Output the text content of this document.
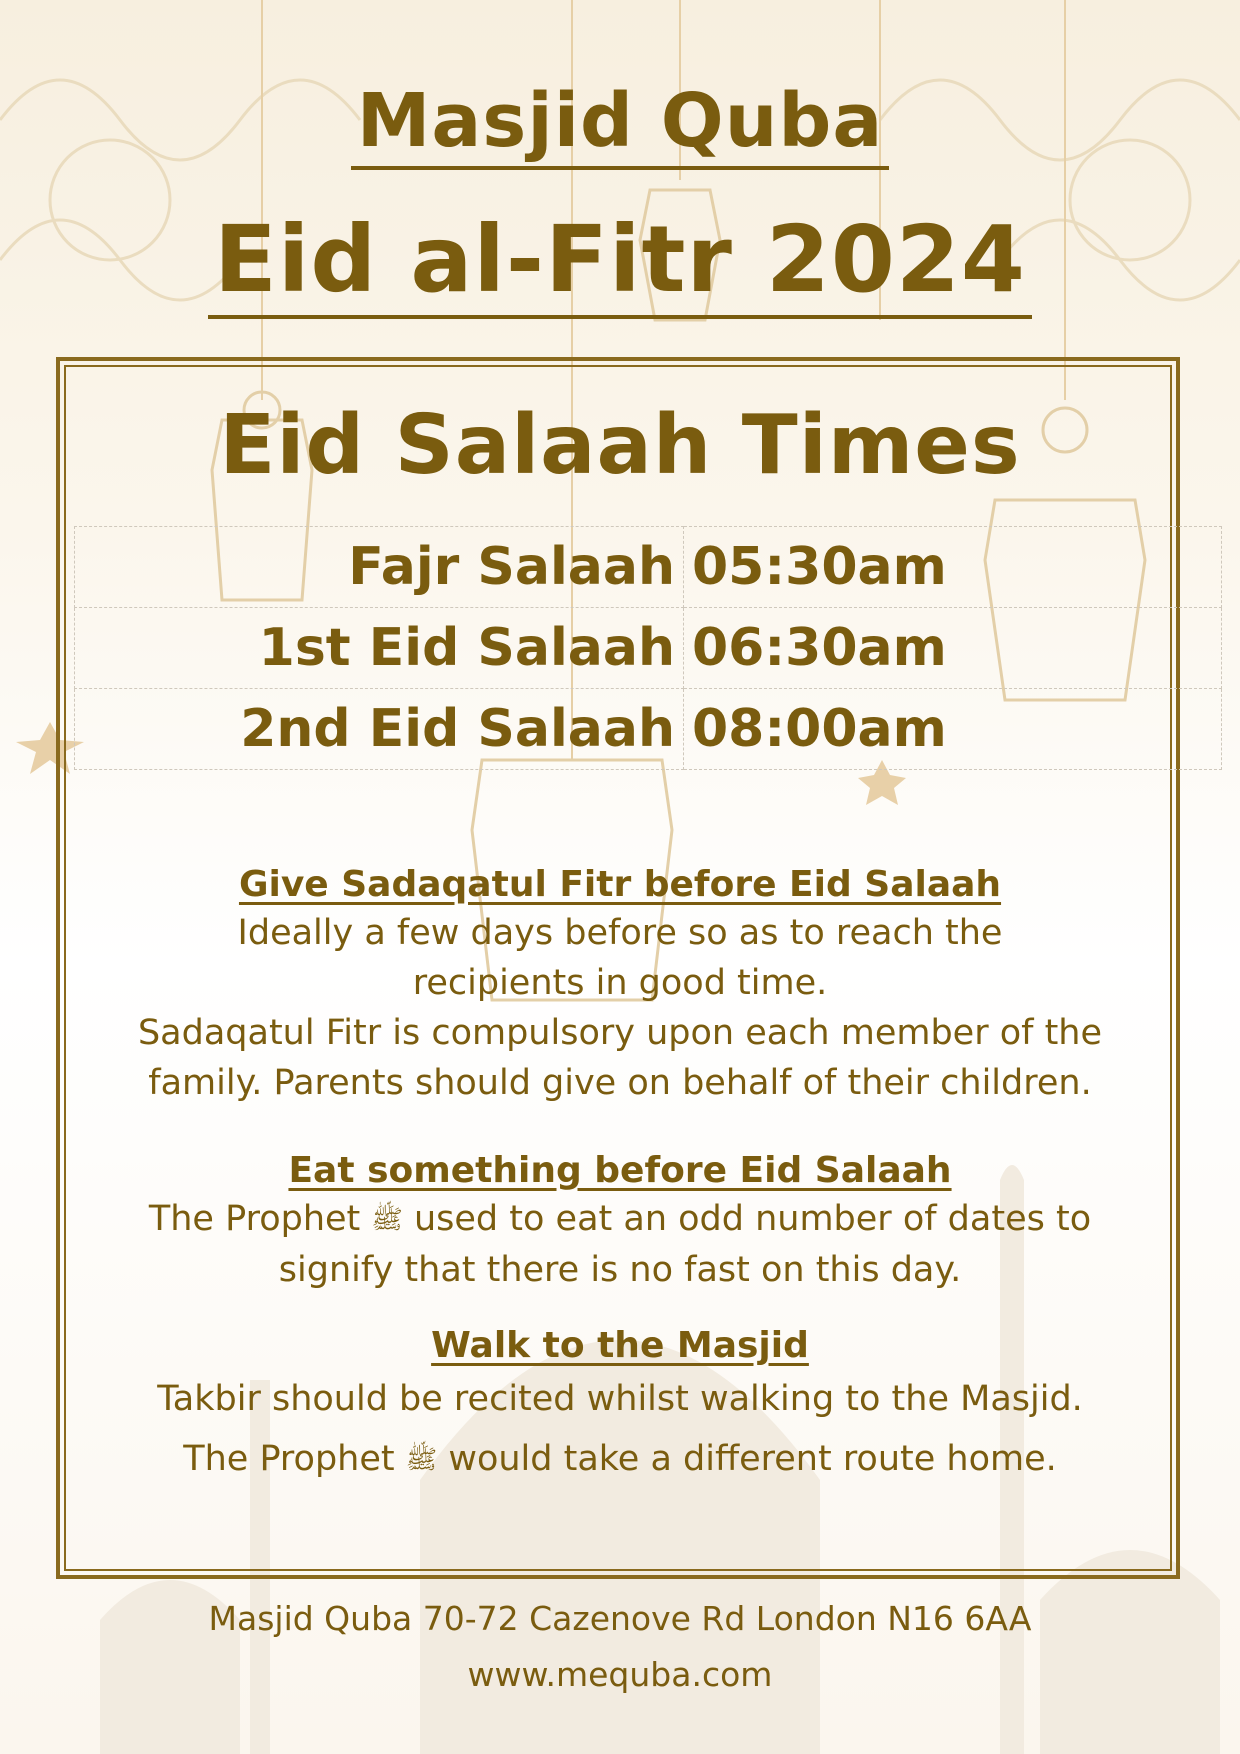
Masjid Quba
Eid al-Fitr 2024
Eid Salaah Times
Fajr Salaah	05:30am
1st Eid Salaah	06:30am
2nd Eid Salaah	08:00am
Give Sadaqatul Fitr before Eid Salaah

Ideally a few days before so as to reach the

recipients in good time.

Sadaqatul Fitr is compulsory upon each member of the

family. Parents should give on behalf of their children.

Eat something before Eid Salaah

The Prophet ﷺ used to eat an odd number of dates to

signify that there is no fast on this day.

Walk to the Masjid

Takbir should be recited whilst walking to the Masjid.

The Prophet ﷺ would take a different route home.

Masjid Quba 70-72 Cazenove Rd London N16 6AA
www.mequba.com
